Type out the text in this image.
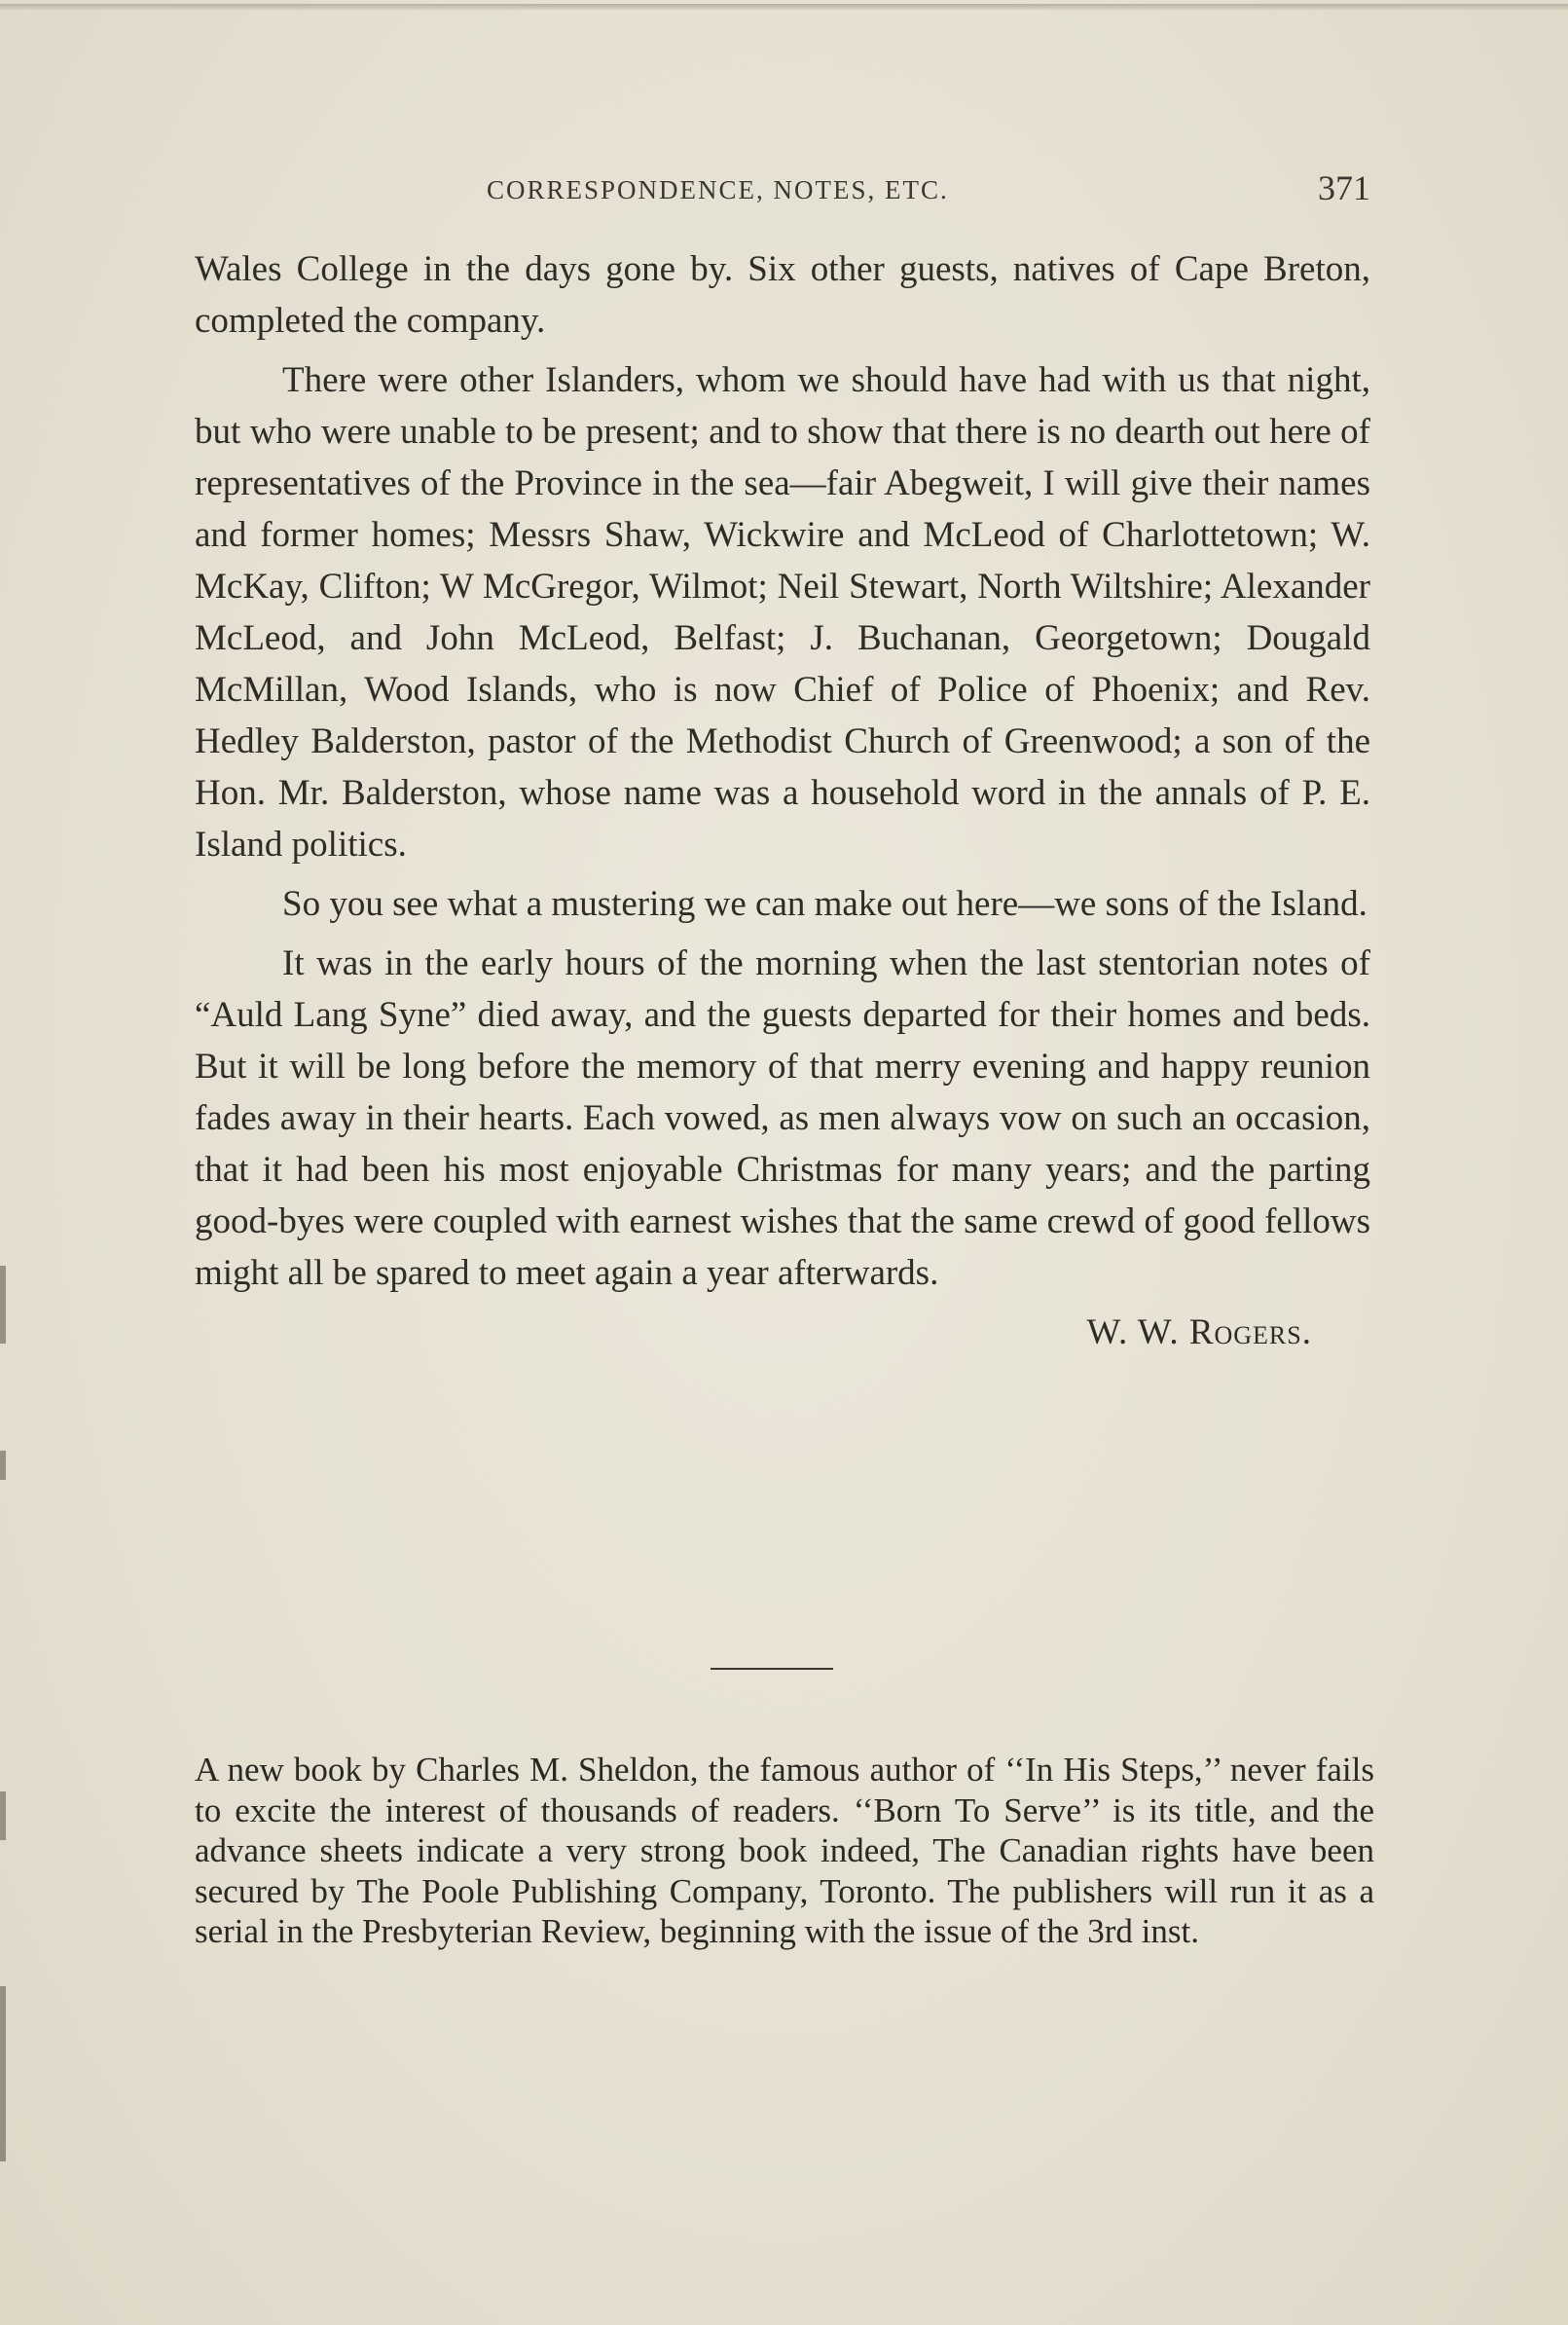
CORRESPONDENCE, NOTES, ETC.	371

Wales College in the days gone by. Six other guests, natives of Cape Breton, completed the company.

There were other Islanders, whom we should have had with us that night, but who were unable to be present; and to show that there is no dearth out here of representatives of the Province in the sea—fair Abegweit, I will give their names and former homes; Messrs Shaw, Wickwire and McLeod of Charlottetown; W. McKay, Clifton; W McGregor, Wilmot; Neil Stewart, North Wiltshire; Alexander McLeod, and John McLeod, Belfast; J. Buchanan, Georgetown; Dougald McMillan, Wood Islands, who is now Chief of Police of Phoenix; and Rev. Hedley Balderston, pastor of the Methodist Church of Greenwood; a son of the Hon. Mr. Balderston, whose name was a household word in the annals of P. E. Island politics.

So you see what a mustering we can make out here—we sons of the Island.

It was in the early hours of the morning when the last stentorian notes of “Auld Lang Syne” died away, and the guests departed for their homes and beds. But it will be long before the memory of that merry evening and happy reunion fades away in their hearts. Each vowed, as men always vow on such an occasion, that it had been his most enjoyable Christmas for many years; and the parting good-byes were coupled with earnest wishes that the same crewd of good fellows might all be spared to meet again a year afterwards.

W. W. Rogers.

A new book by Charles M. Sheldon, the famous author of ‘‘In His Steps,’’ never fails to excite the interest of thousands of readers. ‘‘Born To Serve’’ is its title, and the advance sheets indicate a very strong book indeed, The Canadian rights have been secured by The Poole Publishing Company, Toronto. The publishers will run it as a serial in the Presbyterian Review, beginning with the issue of the 3rd inst.
